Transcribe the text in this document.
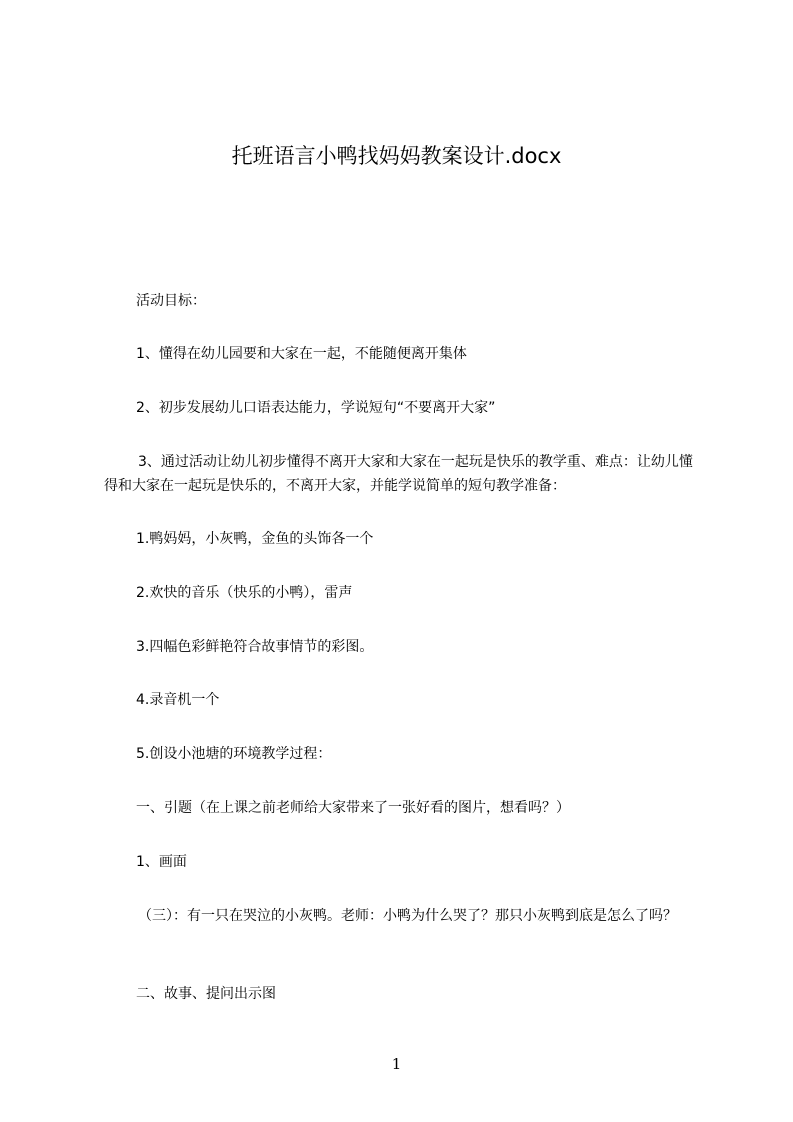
托班语言小鸭找妈妈教案设计.docx
活动目标：
1、懂得在幼儿园要和大家在一起，不能随便离开集体
2、初步发展幼儿口语表达能力，学说短句“不要离开大家”
3、通过活动让幼儿初步懂得不离开大家和大家在一起玩是快乐的教学重、难点：让幼儿懂得和大家在一起玩是快乐的，不离开大家，并能学说简单的短句教学准备：
1.鸭妈妈，小灰鸭，金鱼的头饰各一个
2.欢快的音乐（快乐的小鸭），雷声
3.四幅色彩鲜艳符合故事情节的彩图。
4.录音机一个
5.创设小池塘的环境教学过程：
一、引题（在上课之前老师给大家带来了一张好看的图片，想看吗？）
1、画面
（三）：有一只在哭泣的小灰鸭。老师：小鸭为什么哭了？那只小灰鸭到底是怎么了吗？
二、故事、提问出示图
1
